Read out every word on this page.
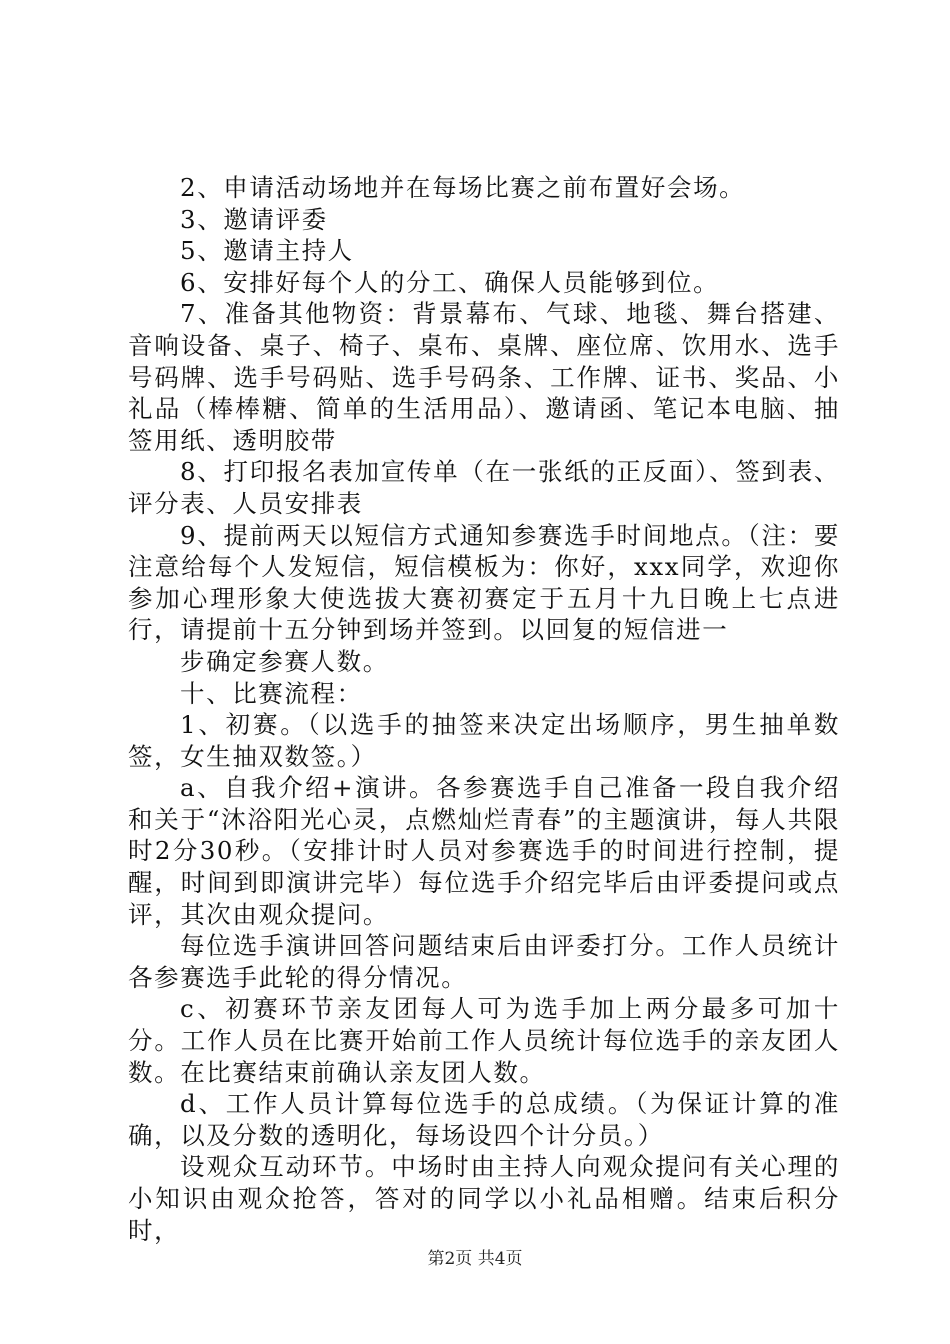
2、申请活动场地并在每场比赛之前布置好会场。

3、邀请评委

5、邀请主持人

6、安排好每个人的分工、确保人员能够到位。

7、准备其他物资：背景幕布、气球、地毯、舞台搭建、音响设备、桌子、椅子、桌布、桌牌、座位席、饮用水、选手号码牌、选手号码贴、选手号码条、工作牌、证书、奖品、小礼品（棒棒糖、简单的生活用品）、邀请函、笔记本电脑、抽签用纸、透明胶带

8、打印报名表加宣传单（在一张纸的正反面）、签到表、评分表、人员安排表

9、提前两天以短信方式通知参赛选手时间地点。（注：要注意给每个人发短信，短信模板为：你好，xxx同学，欢迎你参加心理形象大使选拔大赛初赛定于五月十九日晚上七点进行，请提前十五分钟到场并签到。以回复的短信进一

步确定参赛人数。

十、比赛流程：

1、初赛。（以选手的抽签来决定出场顺序，男生抽单数签，女生抽双数签。）

a、自我介绍+演讲。各参赛选手自己准备一段自我介绍和关于“沐浴阳光心灵，点燃灿烂青春”的主题演讲，每人共限时2分30秒。（安排计时人员对参赛选手的时间进行控制，提醒，时间到即演讲完毕）每位选手介绍完毕后由评委提问或点评，其次由观众提问。

每位选手演讲回答问题结束后由评委打分。工作人员统计各参赛选手此轮的得分情况。

c、初赛环节亲友团每人可为选手加上两分最多可加十分。工作人员在比赛开始前工作人员统计每位选手的亲友团人数。在比赛结束前确认亲友团人数。

d、工作人员计算每位选手的总成绩。（为保证计算的准确，以及分数的透明化，每场设四个计分员。）

设观众互动环节。中场时由主持人向观众提问有关心理的小知识由观众抢答，答对的同学以小礼品相赠。结束后积分时，

第2页 共4页
